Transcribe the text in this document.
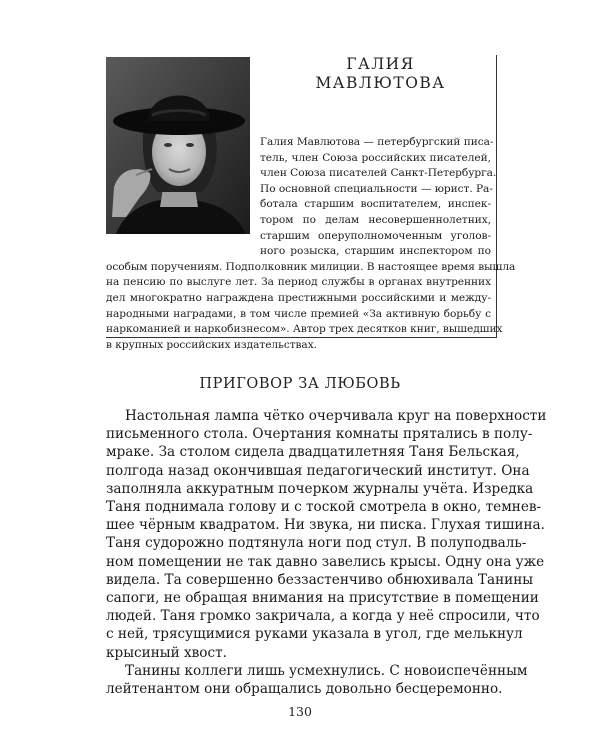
ГАЛИЯ
МАВЛЮТОВА
Галия Мавлютова — петербургский писа-
тель, член Союза российских писателей,
член Союза писателей Санкт-Петербурга.
По основной специальности — юрист. Ра-
ботала старшим воспитателем, инспек-
тором по делам несовершеннолетних,
старшим оперуполномоченным уголов-
ного розыска, старшим инспектором по
особым поручениям. Подполковник милиции. В настоящее время вышла
на пенсию по выслуге лет. За период службы в органах внутренних
дел многократно награждена престижными российскими и между-
народными наградами, в том числе премией «За активную борьбу с
наркоманией и наркобизнесом». Автор трех десятков книг, вышедших
в крупных российских издательствах.
ПРИГОВОР ЗА ЛЮБОВЬ
Настольная лампа чётко очерчивала круг на поверхности
письменного стола. Очертания комнаты прятались в полу-
мраке. За столом сидела двадцатилетняя Таня Бельская,
полгода назад окончившая педагогический институт. Она
заполняла аккуратным почерком журналы учёта. Изредка
Таня поднимала голову и с тоской смотрела в окно, темнев-
шее чёрным квадратом. Ни звука, ни писка. Глухая тишина.
Таня судорожно подтянула ноги под стул. В полуподваль-
ном помещении не так давно завелись крысы. Одну она уже
видела. Та совершенно беззастенчиво обнюхивала Танины
сапоги, не обращая внимания на присутствие в помещении
людей. Таня громко закричала, а когда у неё спросили, что
с ней, трясущимися руками указала в угол, где мелькнул
крысиный хвост.
Танины коллеги лишь усмехнулись. С новоиспечённым
лейтенантом они обращались довольно бесцеремонно.
130
